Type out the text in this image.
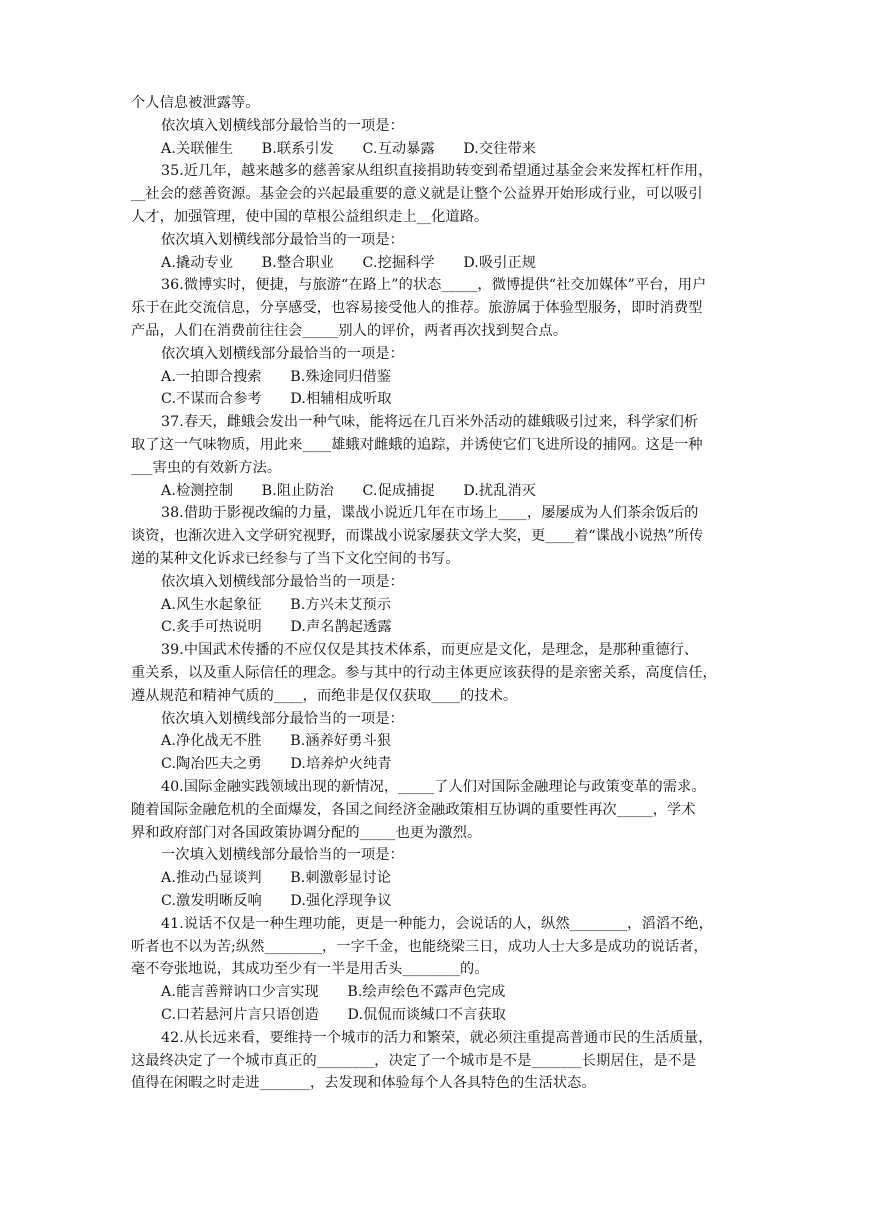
个人信息被泄露等。
依次填入划横线部分最恰当的一项是：
A.关联催生　　B.联系引发　　C.互动暴露　　D.交往带来
35.近几年，越来越多的慈善家从组织直接捐助转变到希望通过基金会来发挥杠杆作用，
__社会的慈善资源。基金会的兴起最重要的意义就是让整个公益界开始形成行业，可以吸引
人才，加强管理，使中国的草根公益组织走上__化道路。
依次填入划横线部分最恰当的一项是：
A.撬动专业　　B.整合职业　　C.挖掘科学　　D.吸引正规
36.微博实时，便捷，与旅游“在路上”的状态_____，微博提供“社交加媒体”平台，用户
乐于在此交流信息，分享感受，也容易接受他人的推荐。旅游属于体验型服务，即时消费型
产品，人们在消费前往往会_____别人的评价，两者再次找到契合点。
依次填入划横线部分最恰当的一项是：
A.一拍即合搜索　　B.殊途同归借鉴
C.不谋而合参考　　D.相辅相成听取
37.春天，雌蛾会发出一种气味，能将远在几百米外活动的雄蛾吸引过来，科学家们析
取了这一气味物质，用此来____雄蛾对雌蛾的追踪，并诱使它们飞进所设的捕网。这是一种
___害虫的有效新方法。
A.检测控制　　B.阻止防治　　C.促成捕捉　　D.扰乱消灭
38.借助于影视改编的力量，谍战小说近几年在市场上____，屡屡成为人们茶余饭后的
谈资，也渐次进入文学研究视野，而谍战小说家屡获文学大奖，更____着“谍战小说热”所传
递的某种文化诉求已经参与了当下文化空间的书写。
依次填入划横线部分最恰当的一项是：
A.风生水起象征　　B.方兴未艾预示
C.炙手可热说明　　D.声名鹊起透露
39.中国武术传播的不应仅仅是其技术体系，而更应是文化，是理念，是那种重德行、
重关系，以及重人际信任的理念。参与其中的行动主体更应该获得的是亲密关系，高度信任，
遵从规范和精神气质的____，而绝非是仅仅获取____的技术。
依次填入划横线部分最恰当的一项是：
A.净化战无不胜　　B.涵养好勇斗狠
C.陶冶匹夫之勇　　D.培养炉火纯青
40.国际金融实践领域出现的新情况，_____了人们对国际金融理论与政策变革的需求。
随着国际金融危机的全面爆发，各国之间经济金融政策相互协调的重要性再次_____，学术
界和政府部门对各国政策协调分配的_____也更为激烈。
一次填入划横线部分最恰当的一项是：
A.推动凸显谈判　　B.刺激彰显讨论
C.激发明晰反响　　D.强化浮现争议
41.说话不仅是一种生理功能，更是一种能力，会说话的人，纵然________，滔滔不绝，
听者也不以为苦;纵然________，一字千金，也能绕梁三日，成功人士大多是成功的说话者，
毫不夸张地说，其成功至少有一半是用舌头________的。
A.能言善辩讷口少言实现　　B.绘声绘色不露声色完成
C.口若悬河片言只语创造　　D.侃侃而谈缄口不言获取
42.从长远来看，要维持一个城市的活力和繁荣，就必须注重提高普通市民的生活质量，
这最终决定了一个城市真正的________，决定了一个城市是不是_______长期居住，是不是
值得在闲暇之时走进_______，去发现和体验每个人各具特色的生活状态。
